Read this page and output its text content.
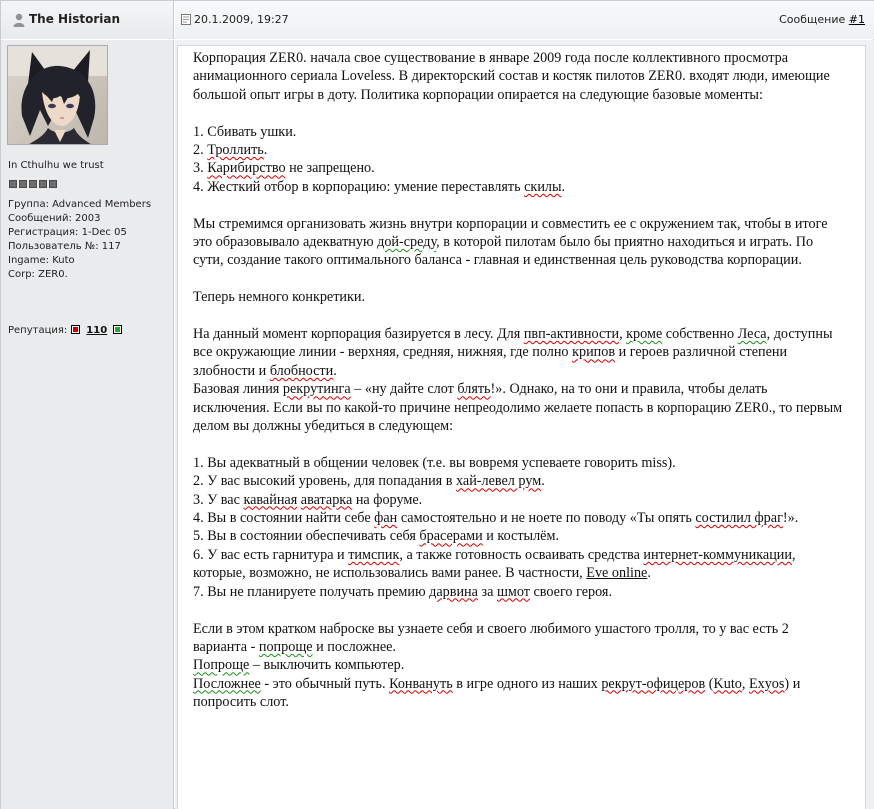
The Historian	20.1.2009, 19:27	Сообщение #1
In Cthulhu we trust
Группа: Advanced Members
Сообщений: 2003
Регистрация: 1-Dec 05
Пользователь №: 117
Ingame: Kuto
Corp: ZER0.
Репутация: 110

Корпорация ZER0. начала свое существование в январе 2009 года после коллективного просмотра анимационного сериала Loveless. В директорский состав и костяк пилотов ZER0. входят люди, имеющие большой опыт игры в доту. Политика корпорации опирается на следующие базовые моменты:

1. Сбивать ушки.

2. Троллить.

3. Карибирство не запрещено.

4. Жесткий отбор в корпорацию: умение переставлять скилы.

Мы стремимся организовать жизнь внутри корпорации и совместить ее с окружением так, чтобы в итоге это образовывало адекватную дой-среду, в которой пилотам было бы приятно находиться и играть. По сути, создание такого оптимального баланса - главная и единственная цель руководства корпорации.

Теперь немного конкретики.

На данный момент корпорация базируется в лесу. Для пвп-активности, кроме собственно Леса, доступны все окружающие линии - верхняя, средняя, нижняя, где полно крипов и героев различной степени злобности и блобности.

Базовая линия рекрутинга – «ну дайте слот блять!». Однако, на то они и правила, чтобы делать исключения. Если вы по какой-то причине непреодолимо желаете попасть в корпорацию ZER0., то первым делом вы должны убедиться в следующем:

1. Вы адекватный в общении человек (т.е. вы вовремя успеваете говорить miss).

2. У вас высокий уровень, для попадания в хай-левел рум.

3. У вас кавайная аватарка на форуме.

4. Вы в состоянии найти себе фан самостоятельно и не ноете по поводу «Ты опять состилил фраг!».

5. Вы в состоянии обеспечивать себя брасерами и костылём.

6. У вас есть гарнитура и тимспик, а также готовность осваивать средства интернет-коммуникации, которые, возможно, не использовались вами ранее. В частности, Eve online.

7. Вы не планируете получать премию дарвина за шмот своего героя.

Если в этом кратком наброске вы узнаете себя и своего любимого ушастого тролля, то у вас есть 2 варианта - попроще и посложнее.

Попроще – выключить компьютер.

Посложнее - это обычный путь. Конвануть в игре одного из наших рекрут-офицеров (Kuto, Exyos) и попросить слот.
